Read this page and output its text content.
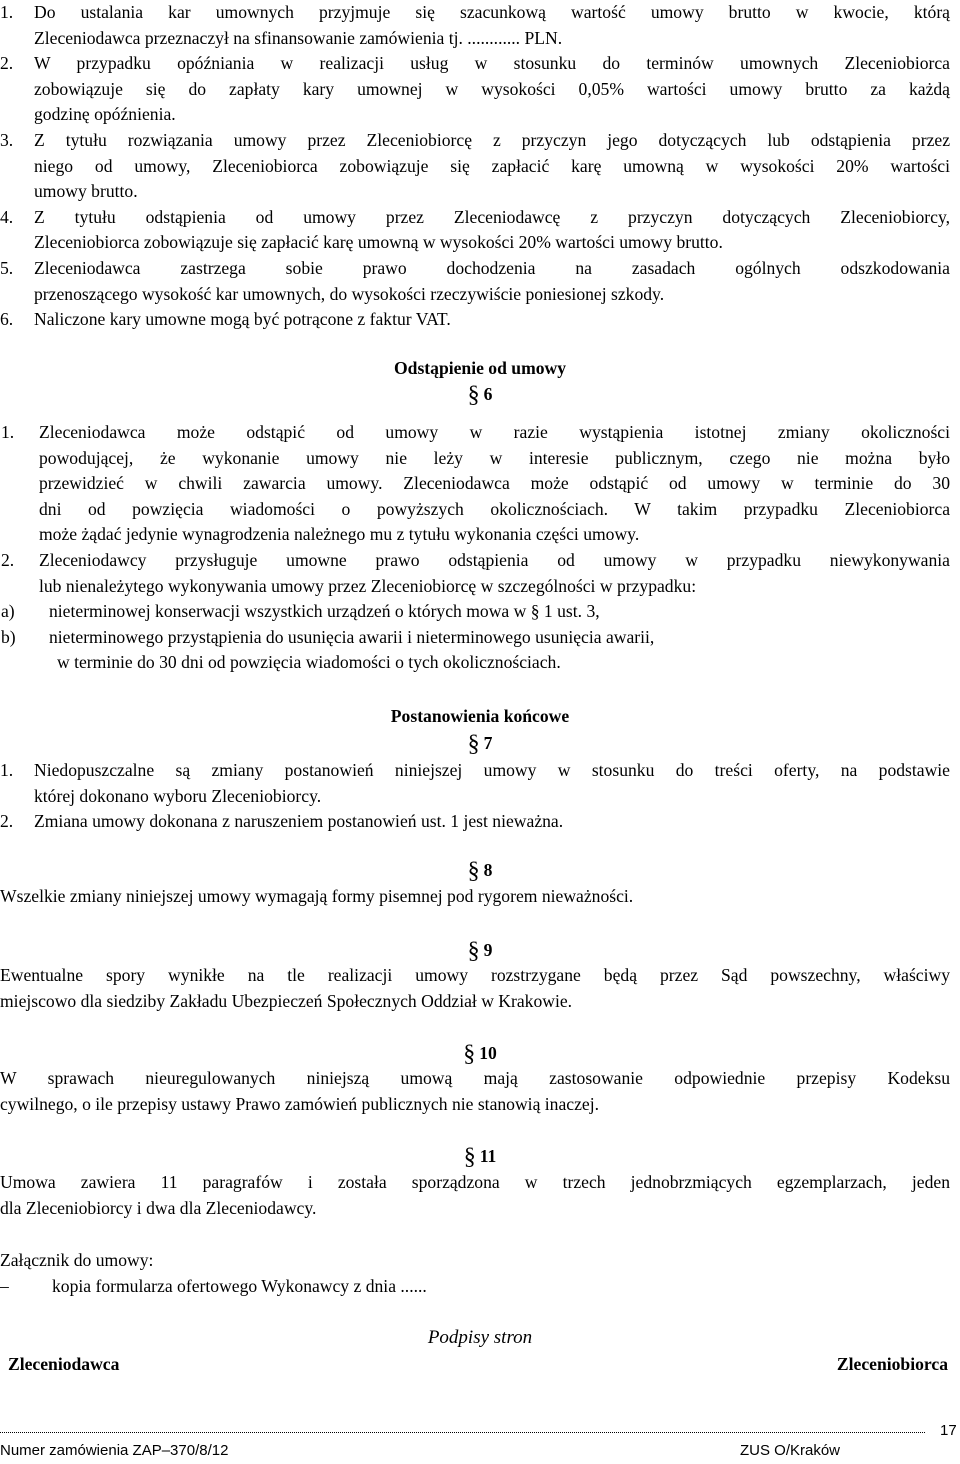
1.	Do ustalania kar umownych przyjmuje się szacunkową wartość umowy brutto w kwocie, którą
Zleceniodawca przeznaczył na sfinansowanie zamówienia tj. ............ PLN.
2.	W przypadku opóźniania w realizacji usług w stosunku do terminów umownych Zleceniobiorca
zobowiązuje się do zapłaty kary umownej w wysokości 0,05% wartości umowy brutto za każdą
godzinę opóźnienia.
3.	Z tytułu rozwiązania umowy przez Zleceniobiorcę z przyczyn jego dotyczących lub odstąpienia przez
niego od umowy, Zleceniobiorca zobowiązuje się zapłacić karę umowną w wysokości 20% wartości
umowy brutto.
4.	Z tytułu odstąpienia od umowy przez Zleceniodawcę z przyczyn dotyczących Zleceniobiorcy,
Zleceniobiorca zobowiązuje się zapłacić karę umowną w wysokości 20% wartości umowy brutto.
5.	Zleceniodawca zastrzega sobie prawo dochodzenia na zasadach ogólnych odszkodowania
przenoszącego wysokość kar umownych, do wysokości rzeczywiście poniesionej szkody.
6.	Naliczone kary umowne mogą być potrącone z faktur VAT.
Odstąpienie od umowy
§ 6
1.	Zleceniodawca może odstąpić od umowy w razie wystąpienia istotnej zmiany okoliczności
powodującej, że wykonanie umowy nie leży w interesie publicznym, czego nie można było
przewidzieć w chwili zawarcia umowy. Zleceniodawca może odstąpić od umowy w terminie do 30
dni od powzięcia wiadomości o powyższych okolicznościach. W takim przypadku Zleceniobiorca
może żądać jedynie wynagrodzenia należnego mu z tytułu wykonania części umowy.
2.	Zleceniodawcy przysługuje umowne prawo odstąpienia od umowy w przypadku niewykonywania
lub nienależytego wykonywania umowy przez Zleceniobiorcę w szczególności w przypadku:
a)	nieterminowej konserwacji wszystkich urządzeń o których mowa w § 1 ust. 3,
b)	nieterminowego przystąpienia do usunięcia awarii i nieterminowego usunięcia awarii,
w terminie do 30 dni od powzięcia wiadomości o tych okolicznościach.
Postanowienia końcowe
§ 7
1.	Niedopuszczalne są zmiany postanowień niniejszej umowy w stosunku do treści oferty, na podstawie
której dokonano wyboru Zleceniobiorcy.
2.	Zmiana umowy dokonana z naruszeniem postanowień ust. 1 jest nieważna.
§ 8
Wszelkie zmiany niniejszej umowy wymagają formy pisemnej pod rygorem nieważności.
§ 9
Ewentualne spory wynikłe na tle realizacji umowy rozstrzygane będą przez Sąd powszechny, właściwy
miejscowo dla siedziby Zakładu Ubezpieczeń Społecznych Oddział w Krakowie.
§ 10
W sprawach nieuregulowanych niniejszą umową mają zastosowanie odpowiednie przepisy Kodeksu
cywilnego, o ile przepisy ustawy Prawo zamówień publicznych nie stanowią inaczej.
§ 11
Umowa zawiera 11 paragrafów i została sporządzona w trzech jednobrzmiących egzemplarzach, jeden
dla Zleceniobiorcy i dwa dla Zleceniodawcy.
Załącznik do umowy:
– kopia formularza ofertowego Wykonawcy z dnia ......
Podpisy stron
Zleceniodawca	Zleceniobiorca
17
Numer zamówienia ZAP–370/8/12	ZUS O/Kraków
